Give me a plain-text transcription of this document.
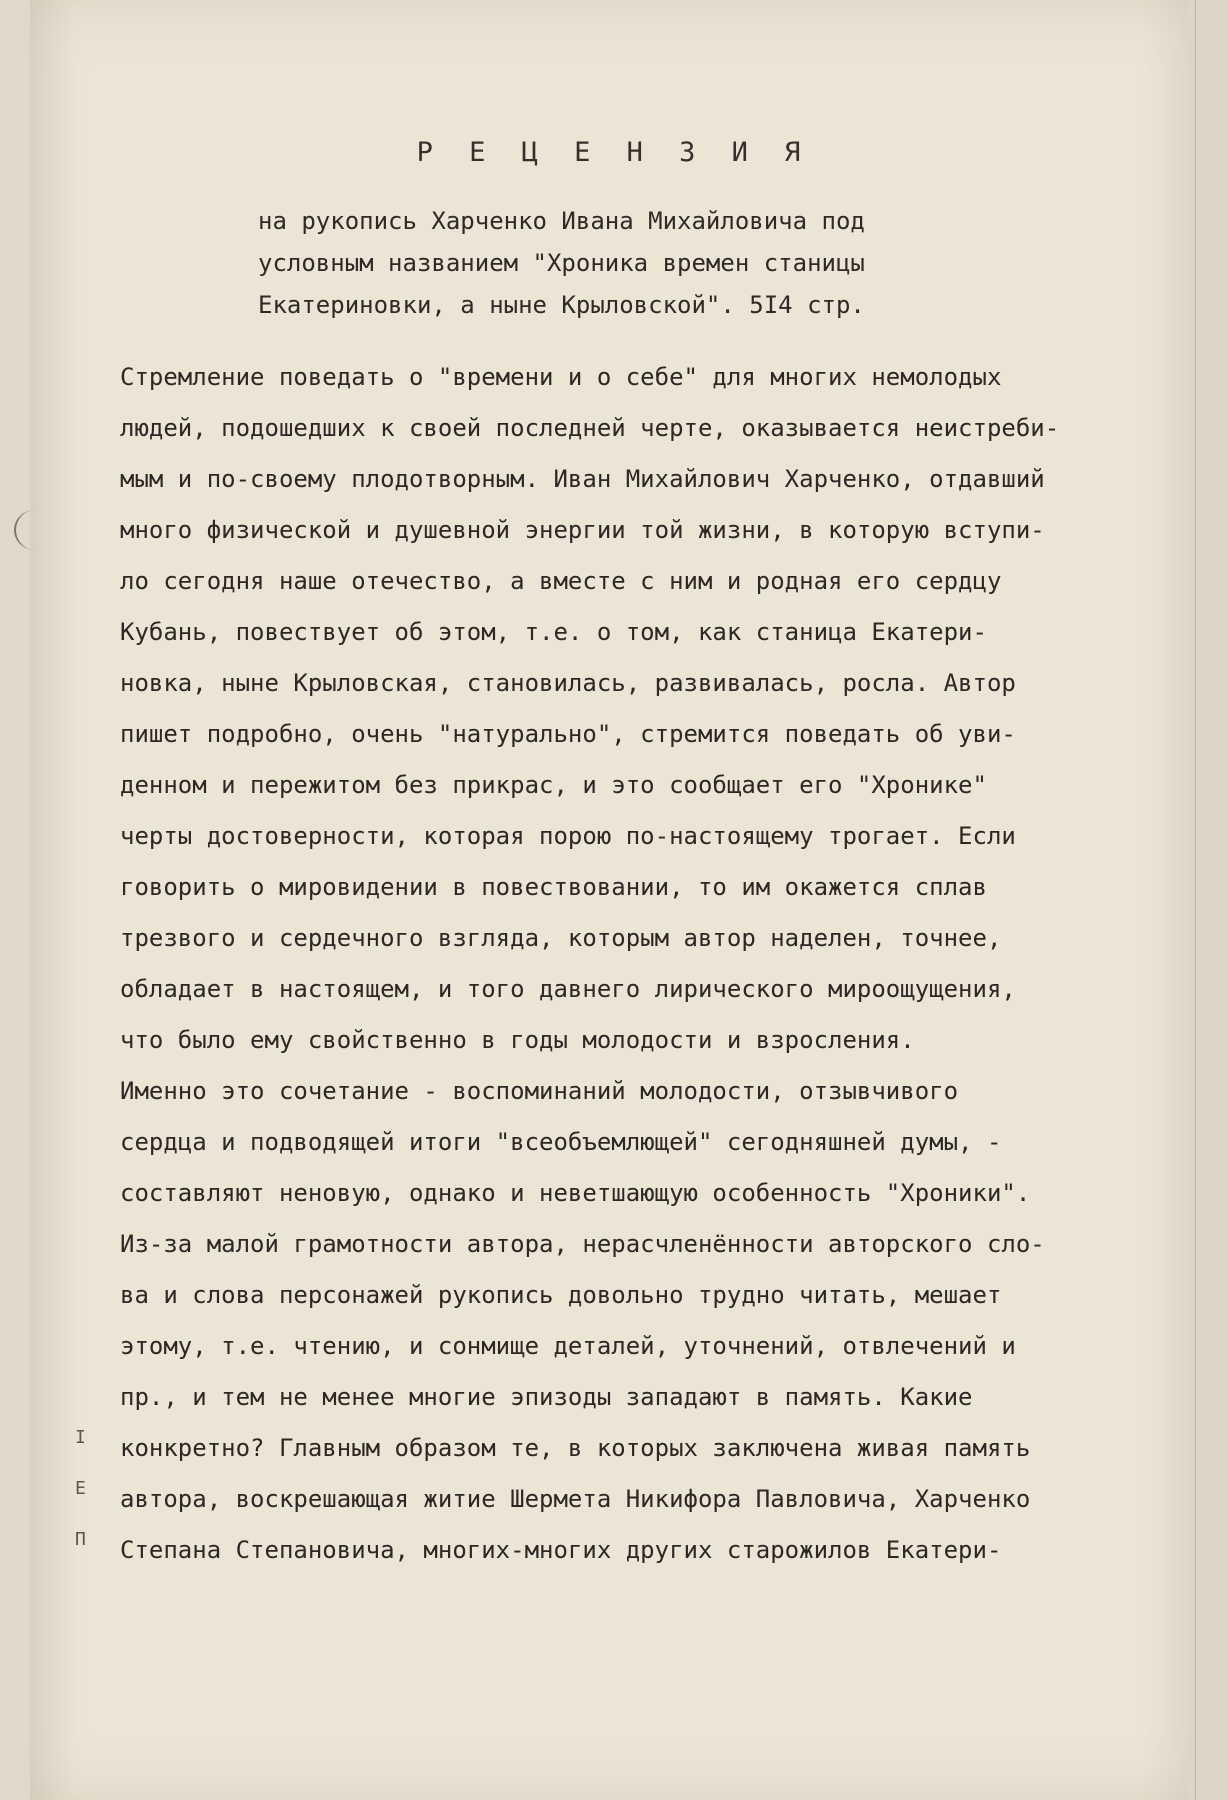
Р Е Ц Е Н З И Я
на рукопись Харченко Ивана Михайловича под
условным названием "Хроника времен станицы
Екатериновки, а ныне Крыловской". 5I4 стр.
Стремление поведать о "времени и о себе" для многих немолодых
людей, подошедших к своей последней черте, оказывается неистреби-
мым и по-своему плодотворным. Иван Михайлович Харченко, отдавший
много физической и душевной энергии той жизни, в которую вступи-
ло сегодня наше отечество, а вместе с ним и родная его сердцу
Кубань, повествует об этом, т.е. о том, как станица Екатери-
новка, ныне Крыловская, становилась, развивалась, росла. Автор
пишет подробно, очень "натурально", стремится поведать об уви-
денном и пережитом без прикрас, и это сообщает его "Хронике"
черты достоверности, которая порою по-настоящему трогает. Если
говорить о мировидении в повествовании, то им окажется сплав
трезвого и сердечного взгляда, которым автор наделен, точнее,
обладает в настоящем, и того давнего лирического мироощущения,
что было ему свойственно в годы молодости и взросления.
Именно это сочетание - воспоминаний молодости, отзывчивого
сердца и подводящей итоги "всеобъемлющей" сегодняшней думы, -
составляют неновую, однако и неветшающую особенность "Хроники".
Из-за малой грамотности автора, нерасчленённости авторского сло-
ва и слова персонажей рукопись довольно трудно читать, мешает
этому, т.е. чтению, и сонмище деталей, уточнений, отвлечений и
пр., и тем не менее многие эпизоды западают в память. Какие
конкретно? Главным образом те, в которых заключена живая память
автора, воскрешающая житие Шермета Никифора Павловича, Харченко
Степана Степановича, многих-многих других старожилов Екатери-
I
Е
П
